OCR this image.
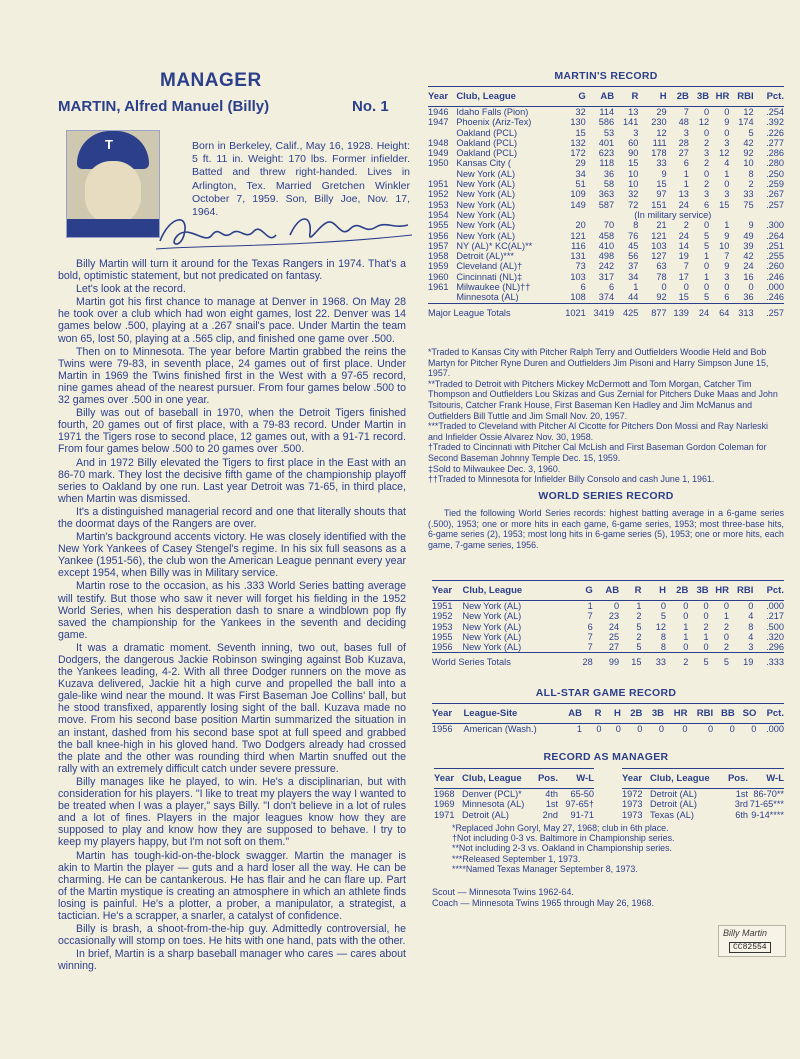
MANAGER
MARTIN, Alfred Manuel (Billy)	No. 1
T	Born in Berkeley, Calif., May 16, 1928. Height: 5 ft. 11 in. Weight: 170 lbs. Former infielder. Batted and threw right-handed. Lives in Arlington, Tex. Married Gretchen Winkler October 7, 1959. Son, Billy Joe, Nov. 17, 1964.

Billy Martin will turn it around for the Texas Rangers in 1974. That's a bold, optimistic statement, but not predicated on fantasy.

Let's look at the record.

Martin got his first chance to manage at Denver in 1968. On May 28 he took over a club which had won eight games, lost 22. Denver was 14 games below .500, playing at a .267 snail's pace. Under Martin the team won 65, lost 50, playing at a .565 clip, and finished one game over .500.

Then on to Minnesota. The year before Martin grabbed the reins the Twins were 79-83, in seventh place, 24 games out of first place. Under Martin in 1969 the Twins finished first in the West with a 97-65 record, nine games ahead of the nearest pursuer. From four games below .500 to 32 games over .500 in one year.

Billy was out of baseball in 1970, when the Detroit Tigers finished fourth, 20 games out of first place, with a 79-83 record. Under Martin in 1971 the Tigers rose to second place, 12 games out, with a 91-71 record. From four games below .500 to 20 games over .500.

And in 1972 Billy elevated the Tigers to first place in the East with an 86-70 mark. They lost the decisive fifth game of the championship playoff series to Oakland by one run. Last year Detroit was 71-65, in third place, when Martin was dismissed.

It's a distinguished managerial record and one that literally shouts that the doormat days of the Rangers are over.

Martin's background accents victory. He was closely identified with the New York Yankees of Casey Stengel's regime. In his six full seasons as a Yankee (1951-56), the club won the American League pennant every year except 1954, when Billy was in Military service.

Martin rose to the occasion, as his .333 World Series batting average will testify. But those who saw it never will forget his fielding in the 1952 World Series, when his desperation dash to snare a windblown pop fly saved the championship for the Yankees in the seventh and deciding game.

It was a dramatic moment. Seventh inning, two out, bases full of Dodgers, the dangerous Jackie Robinson swinging against Bob Kuzava, the Yankees leading, 4-2. With all three Dodger runners on the move as Kuzava delivered, Jackie hit a high curve and propelled the ball into a gale-like wind near the mound. It was First Baseman Joe Collins' ball, but he stood transfixed, apparently losing sight of the ball. Kuzava made no move. From his second base position Martin summarized the situation in an instant, dashed from his second base spot at full speed and grabbed the ball knee-high in his gloved hand. Two Dodgers already had crossed the plate and the other was rounding third when Martin snuffed out the rally with an extremely difficult catch under severe pressure.

Billy manages like he played, to win. He's a disciplinarian, but with consideration for his players. "I like to treat my players the way I wanted to be treated when I was a player," says Billy. "I don't believe in a lot of rules and a lot of fines. Players in the major leagues know how they are supposed to play and know how they are supposed to behave. I try to keep my players happy, but I'm not soft on them."

Martin has tough-kid-on-the-block swagger. Martin the manager is akin to Martin the player — guts and a hard loser all the way. He can be charming. He can be cantankerous. He has flair and he can flare up. Part of the Martin mystique is creating an atmosphere in which an athlete finds losing is painful. He's a plotter, a prober, a manipulator, a strategist, a tactician. He's a scrapper, a snarler, a catalyst of confidence.

Billy is brash, a shoot-from-the-hip guy. Admittedly controversial, he occasionally will stomp on toes. He hits with one hand, pats with the other.

In brief, Martin is a sharp baseball manager who cares — cares about winning.

MARTIN'S RECORD
Year	Club, League	G	AB	R	H	2B	3B	HR	RBI	Pct.
1946	Idaho Falls (Pion)	32	114	13	29	7	0	0	12	.254
1947	Phoenix (Ariz-Tex)	130	586	141	230	48	12	9	174	.392
	Oakland (PCL)	15	53	3	12	3	0	0	5	.226
1948	Oakland (PCL)	132	401	60	111	28	2	3	42	.277
1949	Oakland (PCL)	172	623	90	178	27	3	12	92	.286
1950	Kansas City (	29	118	15	33	6	2	4	10	.280
	New York (AL)	34	36	10	9	1	0	1	8	.250
1951	New York (AL)	51	58	10	15	1	2	0	2	.259
1952	New York (AL)	109	363	32	97	13	3	3	33	.267
1953	New York (AL)	149	587	72	151	24	6	15	75	.257
1954	New York (AL)	(In military service)								
1955	New York (AL)	20	70	8	21	2	0	1	9	.300
1956	New York (AL)	121	458	76	121	24	5	9	49	.264
1957	NY (AL)* KC(AL)**	116	410	45	103	14	5	10	39	.251
1958	Detroit (AL)***	131	498	56	127	19	1	7	42	.255
1959	Cleveland (AL)†	73	242	37	63	7	0	9	24	.260
1960	Cincinnati (NL)‡	103	317	34	78	17	1	3	16	.246
1961	Milwaukee (NL)††	6	6	1	0	0	0	0	0	.000
	Minnesota (AL)	108	374	44	92	15	5	6	36	.246
Major League Totals		1021	3419	425	877	139	24	64	313	.257
*Traded to Kansas City with Pitcher Ralph Terry and Outfielders Woodie Held and Bob Martyn for Pitcher Ryne Duren and Outfielders Jim Pisoni and Harry Simpson June 15, 1957.
**Traded to Detroit with Pitchers Mickey McDermott and Tom Morgan, Catcher Tim Thompson and Outfielders Lou Skizas and Gus Zernial for Pitchers Duke Maas and John Tsitouris, Catcher Frank House, First Baseman Ken Hadley and Jim McManus and Outfielders Bill Tuttle and Jim Small Nov. 20, 1957.
***Traded to Cleveland with Pitcher Al Cicotte for Pitchers Don Mossi and Ray Narleski and Infielder Ossie Alvarez Nov. 30, 1958.
†Traded to Cincinnati with Pitcher Cal McLish and First Baseman Gordon Coleman for Second Baseman Johnny Temple Dec. 15, 1959.
‡Sold to Milwaukee Dec. 3, 1960.
††Traded to Minnesota for Infielder Billy Consolo and cash June 1, 1961.
WORLD SERIES RECORD
Tied the following World Series records: highest batting average in a 6-game series (.500), 1953; one or more hits in each game, 6-game series, 1953; most three-base hits, 6-game series (2), 1953; most long hits in 6-game series (5), 1953; one or more hits, each game, 7-game series, 1956.
Year	Club, League	G	AB	R	H	2B	3B	HR	RBI	Pct.
1951	New York (AL)	1	0	1	0	0	0	0	0	.000
1952	New York (AL)	7	23	2	5	0	0	1	4	.217
1953	New York (AL)	6	24	5	12	1	2	2	8	.500
1955	New York (AL)	7	25	2	8	1	1	0	4	.320
1956	New York (AL)	7	27	5	8	0	0	2	3	.296
World Series Totals		28	99	15	33	2	5	5	19	.333
ALL-STAR GAME RECORD
Year	League-Site	AB	R	H	2B	3B	HR	RBI	BB	SO	Pct.
1956	American (Wash.)	1	0	0	0	0	0	0	0	0	.000
RECORD AS MANAGER
Year	Club, League	Pos.	W-L
1968	Denver (PCL)*	4th	65-50
1969	Minnesota (AL)	1st	97-65†
1971	Detroit (AL)	2nd	91-71
Year	Club, League	Pos.	W-L
1972	Detroit (AL)	1st	86-70**
1973	Detroit (AL)	3rd	71-65***
1973	Texas (AL)	6th	9-14****
*Replaced John Goryl, May 27, 1968; club in 6th place.
†Not including 0-3 vs. Baltimore in Championship series.
**Not including 2-3 vs. Oakland in Championship series.
***Released September 1, 1973.
****Named Texas Manager September 8, 1973.
Scout — Minnesota Twins 1962-64.
Coach — Minnesota Twins 1965 through May 26, 1968.
Billy Martin
CC82554
